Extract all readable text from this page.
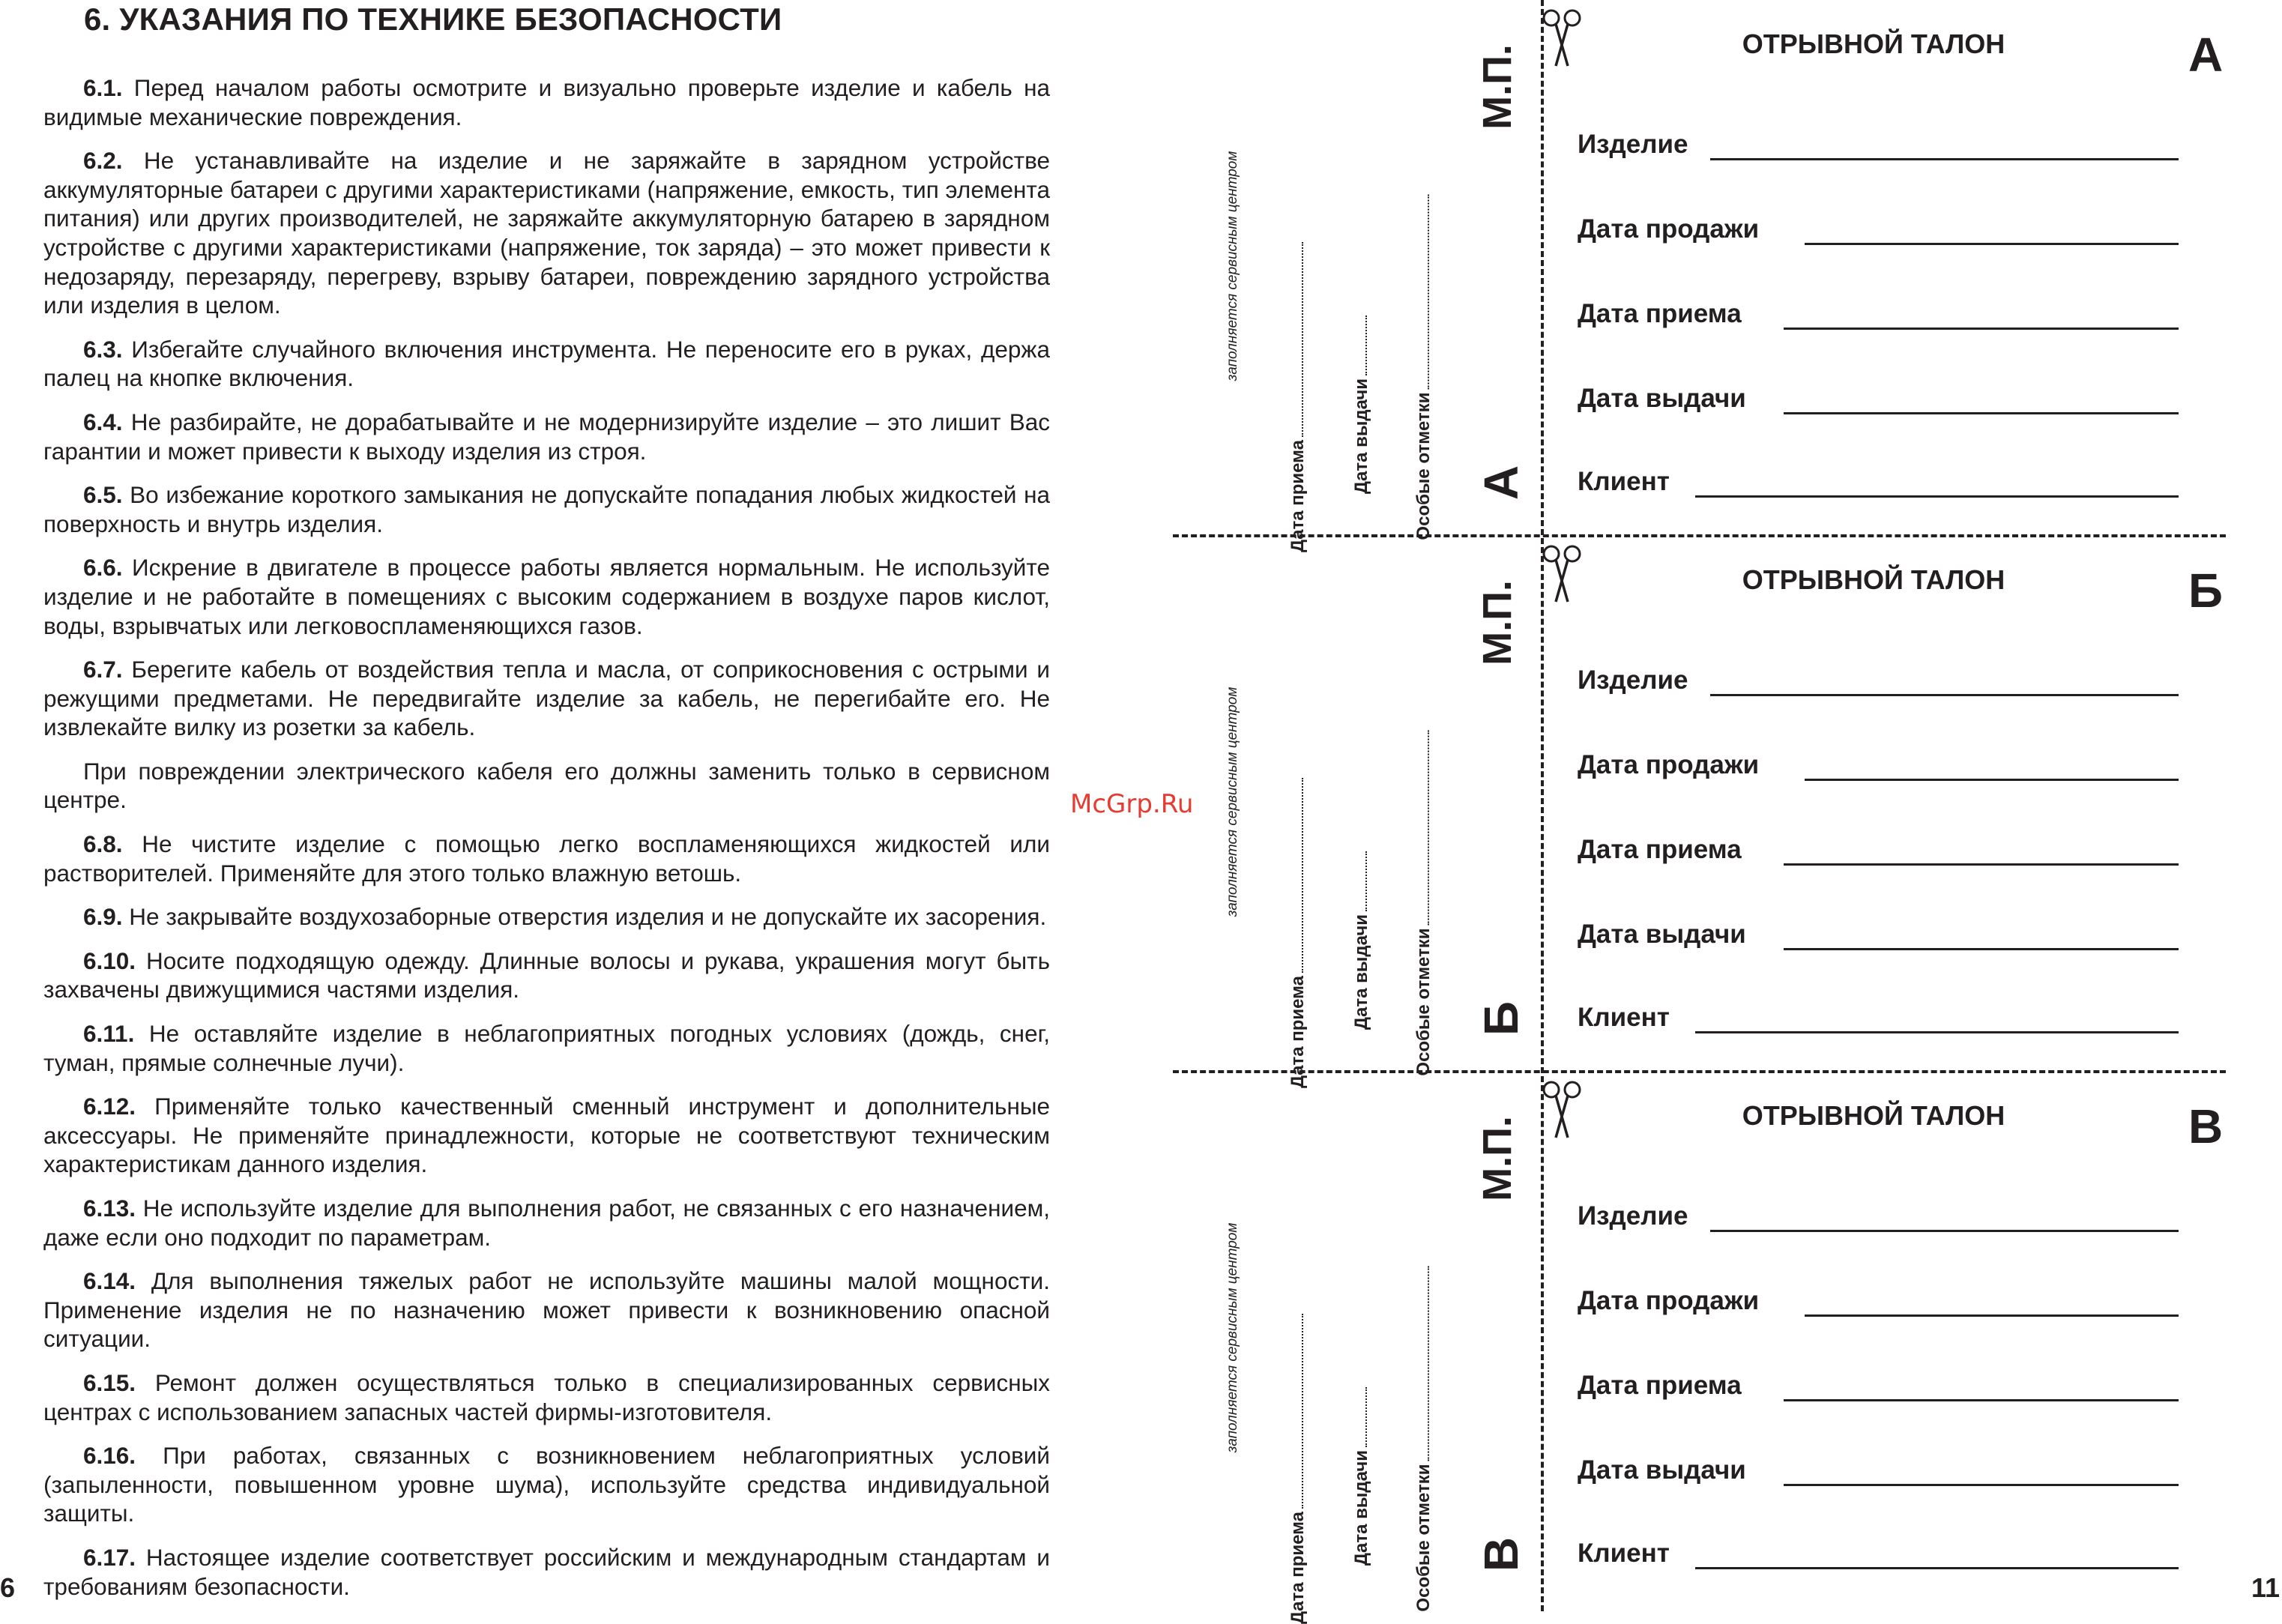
6. УКАЗАНИЯ ПО ТЕХНИКЕ БЕЗОПАСНОСТИ

6.1. Перед началом работы осмотрите и визуально проверьте изделие и кабель на видимые механические повреждения.

6.2. Не устанавливайте на изделие и не заряжайте в зарядном устройстве аккумуляторные батареи с другими характеристиками (напряжение, емкость, тип элемента питания) или других производителей, не заряжайте аккумуляторную батарею в зарядном устройстве с другими характеристиками (напряжение, ток заряда) – это может привести к недозаряду, перезаряду, перегреву, взрыву батареи, повреждению зарядного устройства или изделия в целом.

6.3. Избегайте случайного включения инструмента. Не переносите его в руках, держа палец на кнопке включения.

6.4. Не разбирайте, не дорабатывайте и не модернизируйте изделие – это лишит Вас гарантии и может привести к выходу изделия из строя.

6.5. Во избежание короткого замыкания не допускайте попадания любых жидкостей на поверхность и внутрь изделия.

6.6. Искрение в двигателе в процессе работы является нормальным. Не используйте изделие и не работайте в помещениях с высоким содержанием в воздухе паров кислот, воды, взрывчатых или легковоспламеняющихся газов.

6.7. Берегите кабель от воздействия тепла и масла, от соприкосновения с острыми и режущими предметами. Не передвигайте изделие за кабель, не перегибайте его. Не извлекайте вилку из розетки за кабель.

При повреждении электрического кабеля его должны заменить только в сервисном центре.

6.8. Не чистите изделие с помощью легко воспламеняющихся жидкостей или растворителей. Применяйте для этого только влажную ветошь.

6.9. Не закрывайте воздухозаборные отверстия изделия и не допускайте их засорения.

6.10. Носите подходящую одежду. Длинные волосы и рукава, украшения могут быть захвачены движущимися частями изделия.

6.11. Не оставляйте изделие в неблагоприятных погодных условиях (дождь, снег, туман, прямые солнечные лучи).

6.12. Применяйте только качественный сменный инструмент и дополнительные аксессуары. Не применяйте принадлежности, которые не соответствуют техническим характеристикам данного изделия.

6.13. Не используйте изделие для выполнения работ, не связанных с его назначением, даже если оно подходит по параметрам.

6.14. Для выполнения тяжелых работ не используйте машины малой мощности. Применение изделия не по назначению может привести к возникновению опасной ситуации.

6.15. Ремонт должен осуществляться только в специализированных сервисных центрах с использованием запасных частей фирмы-изготовителя.

6.16. При работах, связанных с возникновением неблагоприятных условий (запыленности, повышенном уровне шума), используйте средства индивидуальной защиты.

6.17. Настоящее изделие соответствует российским и международным стандартам и требованиям безопасности.

6
McGrp.Ru
заполняется сервисным центром
Дата приема
Дата выдачи Особые отметки А
М.П.
ОТРЫВНОЙ ТАЛОН	А
Изделие
Дата продажи
Дата приема
Дата выдачи
Клиент
заполняется сервисным центром
Дата приема
Дата выдачи Особые отметки Б
М.П.
ОТРЫВНОЙ ТАЛОН	Б
Изделие
Дата продажи
Дата приема
Дата выдачи
Клиент
заполняется сервисным центром
Дата приема
Дата выдачи Особые отметки В
М.П.
ОТРЫВНОЙ ТАЛОН	В
Изделие
Дата продажи
Дата приема
Дата выдачи
Клиент
11
